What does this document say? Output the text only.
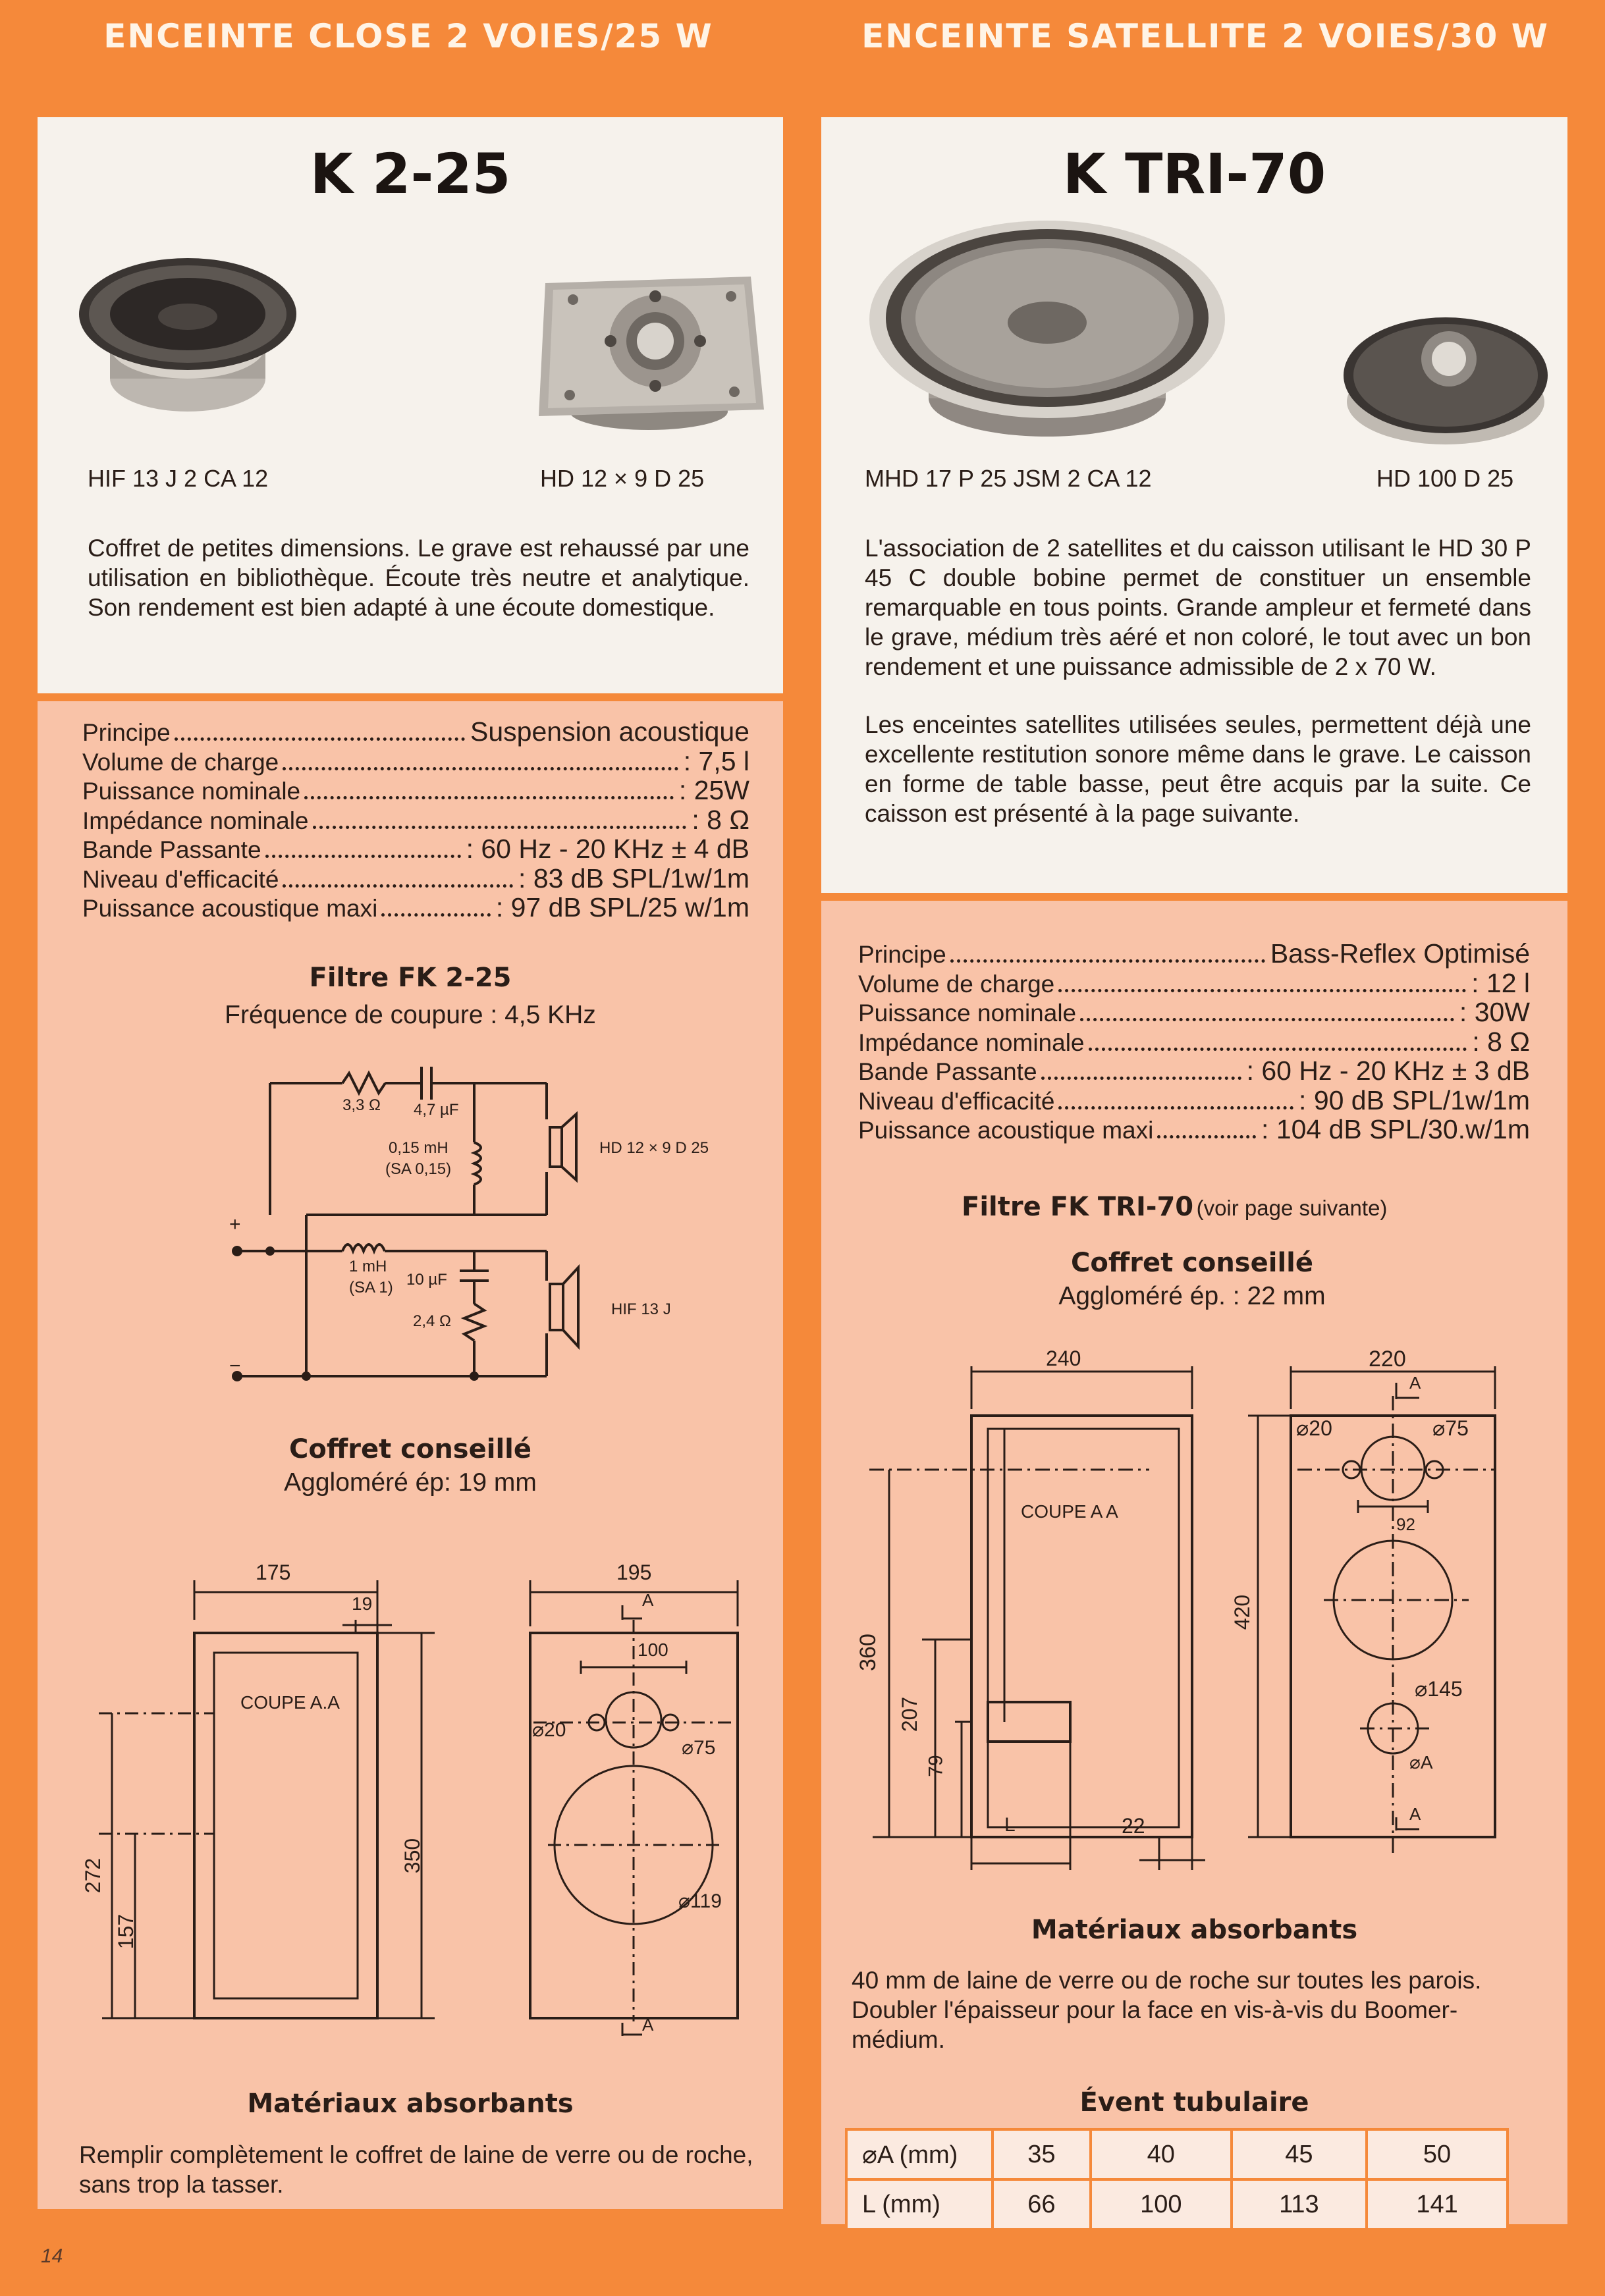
ENCEINTE CLOSE 2 VOIES/25 W	ENCEINTE SATELLITE 2 VOIES/30 W
K 2-25
HIF 13 J 2 CA 12	HD 12 × 9 D 25
Coffret de petites dimensions. Le grave est rehaussé par une utilisation en bibliothèque. Écoute très neutre et analytique. Son rendement est bien adapté à une écoute domestique.
Principe	Suspension acoustique
Volume de charge	: 7,5 l
Puissance nominale	: 25W
Impédance nominale	: 8 Ω
Bande Passante	: 60 Hz - 20 KHz ± 4 dB
Niveau d'efficacité	: 83 dB SPL/1w/1m
Puissance acoustique maxi	: 97 dB SPL/25 w/1m
Filtre FK 2-25
Fréquence de coupure : 4,5 KHz
3,3 Ω 4,7 µF
0,15 mH
(SA 0,15)
1 mH
(SA 1) 10 µF
2,4 Ω
HD 12 × 9 D 25
HIF 13 J
+
−
Coffret conseillé
Aggloméré ép: 19 mm
175
19
COUPE A.A
272
157
350
195
A
A
100
⌀20
⌀75
⌀119
Matériaux absorbants
Remplir complètement le coffret de laine de verre ou de roche, sans trop la tasser.
14
K TRI-70
MHD 17 P 25 JSM 2 CA 12	HD 100 D 25
L'association de 2 satellites et du caisson utilisant le HD 30 P 45 C double bobine permet de constituer un ensemble remarquable en tous points. Grande ampleur et fermeté dans le grave, médium très aéré et non coloré, le tout avec un bon rendement et une puissance admissible de 2 x 70 W.
Les enceintes satellites utilisées seules, permettent déjà une excellente restitution sonore même dans le grave. Le caisson en forme de table basse, peut être acquis par la suite. Ce caisson est présenté à la page suivante.
Principe	Bass-Reflex Optimisé
Volume de charge	: 12 l
Puissance nominale	: 30W
Impédance nominale	: 8 Ω
Bande Passante	: 60 Hz - 20 KHz ± 3 dB
Niveau d'efficacité	: 90 dB SPL/1w/1m
Puissance acoustique maxi	: 104 dB SPL/30.w/1m
Filtre FK TRI-70 (voir page suivante)
Coffret conseillé
Aggloméré ép. : 22 mm
240
COUPE A A
360
207
79
L	22
220
A
A
⌀20	⌀75
92
420
⌀145
⌀A
Matériaux absorbants
40 mm de laine de verre ou de roche sur toutes les parois. Doubler l'épaisseur pour la face en vis-à-vis du Boomer-médium.
Évent tubulaire
⌀A (mm)	35	40	45	50
L (mm)	66	100	113	141
